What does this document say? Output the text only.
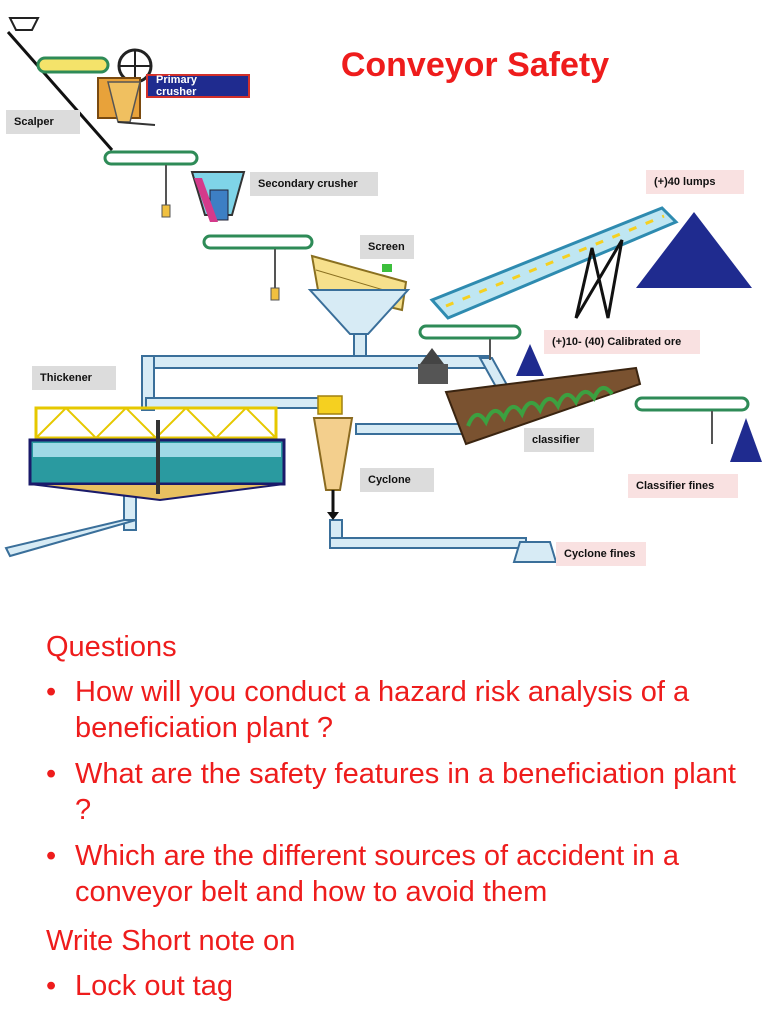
Conveyor Safety
Primary crusher
Scalper
Secondary crusher
Screen
(+)40 lumps
(+)10- (40) Calibrated ore
Thickener
classifier
Cyclone	Classifier fines
Cyclone fines

Questions

• How will you conduct a hazard risk analysis of a beneficiation plant ?
• What are the safety features in a beneficiation plant ?
• Which are the different sources of accident in a conveyor belt and how to avoid them

Write Short note on

• Lock out tag
